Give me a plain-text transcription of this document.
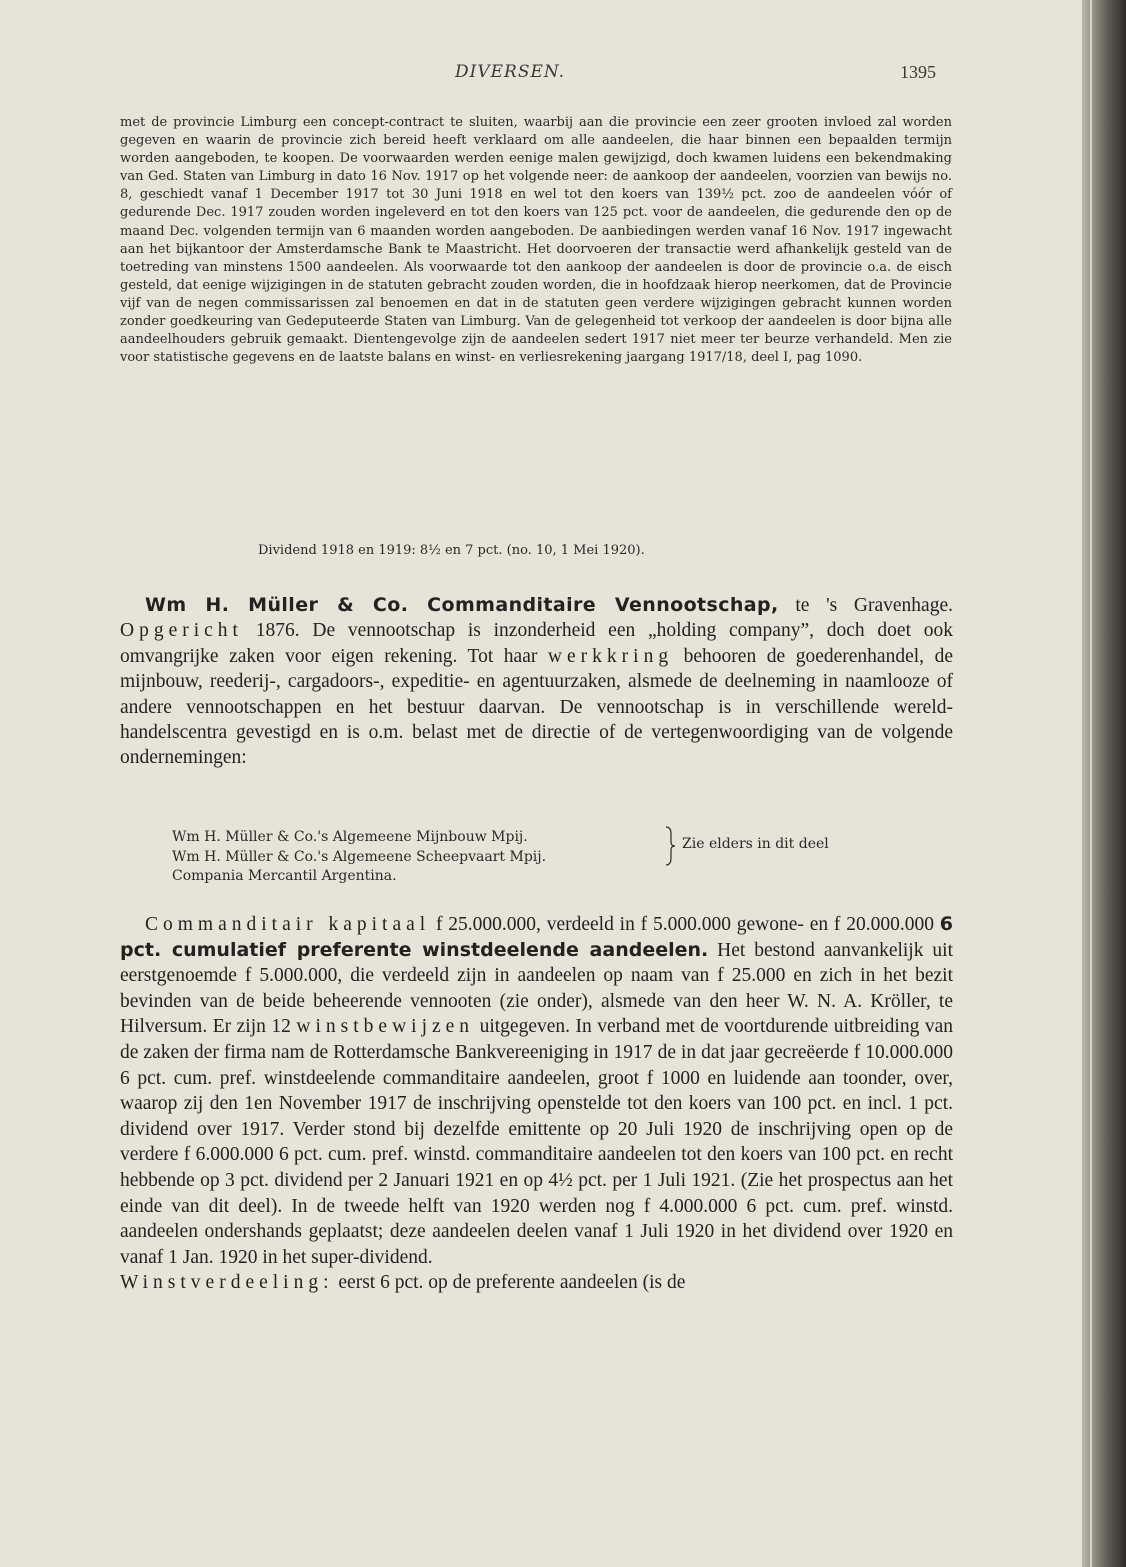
DIVERSEN.	1395

met de provincie Limburg een concept-contract te sluiten, waarbij aan die provincie een zeer grooten invloed zal worden gegeven en waarin de provincie zich bereid heeft verklaard om alle aandeelen, die haar binnen een bepaalden termijn worden aangeboden, te koopen. De voorwaarden werden eenige malen gewijzigd, doch kwamen luidens een bekendmaking van Ged. Staten van Limburg in dato 16 Nov. 1917 op het volgende neer: de aankoop der aandeelen, voorzien van bewijs no. 8, geschiedt vanaf 1 December 1917 tot 30 Juni 1918 en wel tot den koers van 139½ pct. zoo de aandeelen vóór of gedurende Dec. 1917 zouden worden ingeleverd en tot den koers van 125 pct. voor de aandeelen, die gedurende den op de maand Dec. volgenden termijn van 6 maanden worden aangeboden. De aanbiedingen werden vanaf 16 Nov. 1917 ingewacht aan het bijkantoor der Amsterdamsche Bank te Maastricht. Het doorvoeren der transactie werd afhankelijk gesteld van de toetreding van minstens 1500 aandeelen. Als voorwaarde tot den aankoop der aandeelen is door de provincie o.a. de eisch gesteld, dat eenige wijzigingen in de statuten gebracht zouden worden, die in hoofdzaak hierop neerkomen, dat de Provincie vijf van de negen commissarissen zal benoemen en dat in de statuten geen verdere wijzigingen gebracht kunnen worden zonder goedkeuring van Gedeputeerde Staten van Limburg. Van de gelegenheid tot verkoop der aandeelen is door bijna alle aandeelhouders gebruik gemaakt. Dientengevolge zijn de aandeelen sedert 1917 niet meer ter beurze verhandeld. Men zie voor statistische gegevens en de laatste balans en winst- en verliesrekening jaargang 1917/18, deel I, pag 1090.

Dividend 1918 en 1919: 8½ en 7 pct. (no. 10, 1 Mei 1920).

Wm H. Müller & Co. Commanditaire Vennootschap, te 's Gravenhage. Opgericht 1876. De vennootschap is inzonderheid een „holding company”, doch doet ook omvangrijke zaken voor eigen rekening. Tot haar werkkring behooren de goederenhandel, de mijnbouw, reederij-, cargadoors-, expeditie- en agentuurzaken, alsmede de deelneming in naamlooze of andere vennootschappen en het bestuur daarvan. De vennootschap is in verschillende wereld-handelscentra gevestigd en is o.m. belast met de directie of de vertegenwoordiging van de volgende ondernemingen:

Wm H. Müller & Co.'s Algemeene Mijnbouw Mpij.
Wm H. Müller & Co.'s Algemeene Scheepvaart Mpij.
Compania Mercantil Argentina.
Zie elders in dit deel

Commanditair kapitaal f 25.000.000, verdeeld in f 5.000.000 gewone- en f 20.000.000 6 pct. cumulatief preferente winstdeelende aandeelen. Het bestond aanvankelijk uit eerstgenoemde f 5.000.000, die verdeeld zijn in aandeelen op naam van f 25.000 en zich in het bezit bevinden van de beide beheerende vennooten (zie onder), alsmede van den heer W. N. A. Kröller, te Hilversum. Er zijn 12 winstbewijzen uitgegeven. In verband met de voortdurende uitbreiding van de zaken der firma nam de Rotterdamsche Bankvereeniging in 1917 de in dat jaar gecreëerde f 10.000.000 6 pct. cum. pref. winstdeelende commanditaire aandeelen, groot f 1000 en luidende aan toonder, over, waarop zij den 1en November 1917 de inschrijving openstelde tot den koers van 100 pct. en incl. 1 pct. dividend over 1917. Verder stond bij dezelfde emittente op 20 Juli 1920 de inschrijving open op de verdere f 6.000.000 6 pct. cum. pref. winstd. commanditaire aandeelen tot den koers van 100 pct. en recht hebbende op 3 pct. dividend per 2 Januari 1921 en op 4½ pct. per 1 Juli 1921. (Zie het prospectus aan het einde van dit deel). In de tweede helft van 1920 werden nog f 4.000.000 6 pct. cum. pref. winstd. aandeelen ondershands geplaatst; deze aandeelen deelen vanaf 1 Juli 1920 in het dividend over 1920 en vanaf 1 Jan. 1920 in het super-dividend.
Winstverdeeling: eerst 6 pct. op de preferente aandeelen (is de
